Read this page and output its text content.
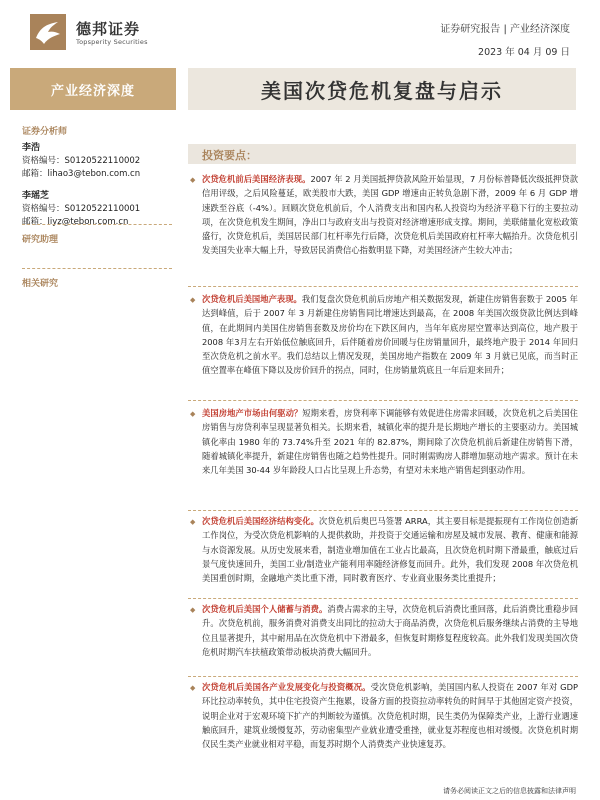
德邦证券
Topsperity Securities
证券研究报告 | 产业经济深度
2023 年 04 月 09 日
产业经济深度
证券分析师
李浩
资格编号：S0120522110002
邮箱：lihao3@tebon.com.cn
李瑶芝
资格编号：S0120522110001
邮箱：liyz@tebon.com.cn
研究助理
相关研究
美国次贷危机复盘与启示
投资要点：
◆ 次贷危机前后美国经济表现。2007 年 2 月美国抵押贷款风险开始显现，7 月份标普降低次级抵押贷款信用评级，之后风险蔓延，欧美股市大跌，美国 GDP 增速由正转负急剧下滑，2009 年 6 月 GDP 增速跌至谷底（-4%）。回顾次贷危机前后，个人消费支出和国内私人投资均为经济平稳下行的主要拉动项，在次贷危机发生期间，净出口与政府支出与投资对经济增速形成支撑。期间，美联储量化宽松政策盛行，次贷危机后，美国居民部门杠杆率先行后降，次贷危机后美国政府杠杆率大幅抬升。次贷危机引发美国失业率大幅上升，导致居民消费信心指数明显下降，对美国经济产生较大冲击；
◆ 次贷危机后美国地产表现。我们复盘次贷危机前后房地产相关数据发现，新建住房销售套数于 2005 年达到峰值，后于 2007 年 3 月新建住房销售同比增速达到最高，在 2008 年美国次级贷款比例达到峰值，在此期间内美国住房销售套数及房价均在下跌区间内，当年年底房屋空置率达到高位，地产股于 2008 年3月左右开始低位触底回升，后伴随着房价回暖与住房销量回升，最终地产股于 2014 年回归至次贷危机之前水平。我们总结以上情况发现，美国房地产指数在 2009 年 3 月就已见底，而当时正值空置率在峰值下降以及房价回升的拐点，同时，住房销量筑底且一年后迎来回升；
◆ 美国房地产市场由何驱动？短期来看，房贷利率下调能够有效促进住房需求回暖，次贷危机之后美国住房销售与房贷利率呈现显著负相关。长期来看，城镇化率的提升是长期地产增长的主要驱动力。美国城镇化率由 1980 年的 73.74%升至 2021 年的 82.87%，期间除了次贷危机前后新建住房销售下滑，随着城镇化率提升，新建住房销售也随之趋势性提升。同时刚需购房人群增加驱动地产需求。预计在未来几年美国 30-44 岁年龄段人口占比呈现上升态势，有望对未来地产销售起到驱动作用。
◆ 次贷危机后美国经济结构变化。次贷危机后奥巴马签署 ARRA，其主要目标是提振现有工作岗位创造新工作岗位，为受次贷危机影响的人提供救助，并投资于交通运输和房屋及城市发展、教育、健康和能源与水资源发展。从历史发展来看，制造业增加值在工业占比最高，且次贷危机时期下滑最重，触底过后景气度快速回升，美国工业/制造业产能利用率随经济修复而回升。此外，我们发现 2008 年次贷危机美国重创时期，金融地产类比重下滑，同时教育医疗、专业商业服务类比重提升；
◆ 次贷危机后美国个人储蓄与消费。消费占需求的主导，次贷危机后消费比重回落，此后消费比重稳步回升。次贷危机前，服务消费对消费支出同比的拉动大于商品消费，次贷危机后服务继续占消费的主导地位且显著提升，其中耐用品在次贷危机中下滑最多，但恢复时期修复程度较高。此外我们发现美国次贷危机时期汽车扶植政策带动板块消费大幅回升。
◆ 次贷危机后美国各产业发展变化与投资概况。受次贷危机影响，美国国内私人投资在 2007 年对 GDP 环比拉动率转负，其中住宅投资产生拖累，设备方面的投资拉动率转负的时间早于其他固定资产投资，说明企业对于宏观环境下扩产的判断较为谨慎。次贷危机时期，民生类仍为保障类产业，上游行业遇速触底回升，建筑业缓慢复苏，劳动密集型产业就业遭受重挫，就业复苏程度也相对缓慢。次贷危机时期仅民生类产业就业相对平稳，而复苏时期个人消费类产业快速复苏。
请务必阅读正文之后的信息披露和法律声明
